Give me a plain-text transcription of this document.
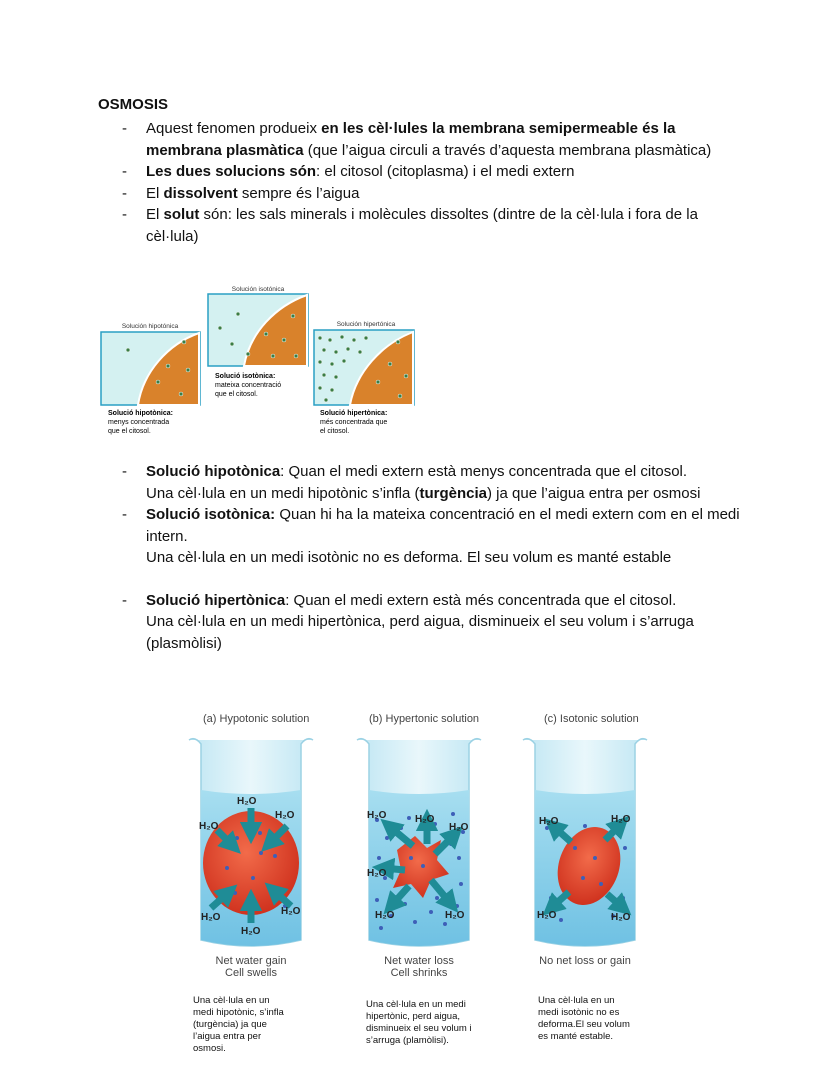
OSMOSIS
- Aquest fenomen produeix en les cèl·lules la membrana semipermeable és la membrana plasmàtica (que l’aigua circuli a través d’aquesta membrana plasmàtica)
- Les dues solucions són: el citosol (citoplasma) i el medi extern
- El dissolvent sempre és l’aigua
- El solut són: les sals minerals i molècules dissoltes (dintre de la cèl·lula i fora de la cèl·lula)
Solución hipotónica
Solució hipotònica:
menys concentrada
que el citosol.
Solución isotónica
Solució isotònica:
mateixa concentració
que el citosol.
Solución hipertónica
Solució hipertònica:
més concentrada que
el citosol.
- Solució hipotònica: Quan el medi extern està menys concentrada que el citosol.
Una cèl·lula en un medi hipotònic s’infla (turgència) ja que l’aigua entra per osmosi
- Solució isotònica: Quan hi ha la mateixa concentració en el medi extern com en el medi intern.
Una cèl·lula en un medi isotònic no es deforma. El seu volum es manté estable
- Solució hipertònica: Quan el medi extern està més concentrada que el citosol.
Una cèl·lula en un medi hipertònica, perd aigua, disminueix el seu volum i s’arruga (plasmòlisi)
(a) Hypotonic solution	(b) Hypertonic solution	(c) Isotonic solution
H₂O
H₂O
H₂O
H₂O
H₂O
H₂O
Net water gain
Cell swells
H₂O	H₂O
H₂O
H₂O
H₂O	H₂O
Net water loss
Cell shrinks
H₂O	H₂O
H₂O	H₂O
No net loss or gain
Una cèl·lula en un
medi hipotònic, s’infla
(turgència) ja que
l’aigua entra per
osmosi.
Una cèl·lula en un medi
hipertònic, perd aigua,
disminueix el seu volum i
s’arruga (plamòlisi).
Una cèl·lula en un
medi isotònic no es
deforma.El seu volum
es manté estable.
